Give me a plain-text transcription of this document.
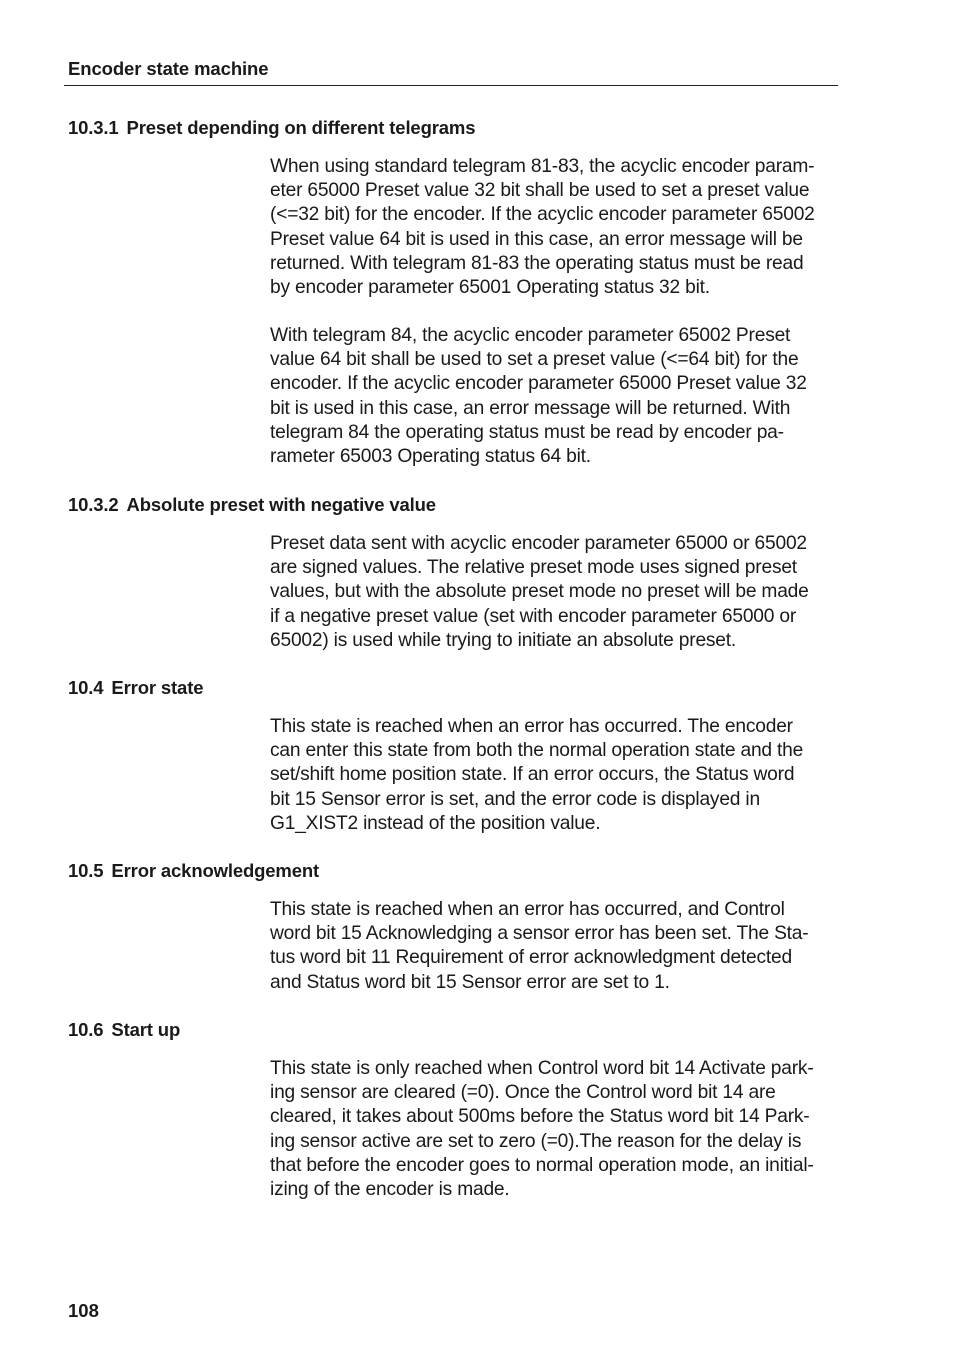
Encoder state machine
10.3.1 Preset depending on different telegrams
When using standard telegram 81-83, the acyclic encoder param-
eter 65000 Preset value 32 bit shall be used to set a preset value
(<=32 bit) for the encoder. If the acyclic encoder parameter 65002
Preset value 64 bit is used in this case, an error message will be
returned. With telegram 81-83 the operating status must be read
by encoder parameter 65001 Operating status 32 bit.
With telegram 84, the acyclic encoder parameter 65002 Preset
value 64 bit shall be used to set a preset value (<=64 bit) for the
encoder. If the acyclic encoder parameter 65000 Preset value 32
bit is used in this case, an error message will be returned. With
telegram 84 the operating status must be read by encoder pa-
rameter 65003 Operating status 64 bit.
10.3.2 Absolute preset with negative value
Preset data sent with acyclic encoder parameter 65000 or 65002
are signed values. The relative preset mode uses signed preset
values, but with the absolute preset mode no preset will be made
if a negative preset value (set with encoder parameter 65000 or
65002) is used while trying to initiate an absolute preset.
10.4 Error state
This state is reached when an error has occurred. The encoder
can enter this state from both the normal operation state and the
set/shift home position state. If an error occurs, the Status word
bit 15 Sensor error is set, and the error code is displayed in
G1_XIST2 instead of the position value.
10.5 Error acknowledgement
This state is reached when an error has occurred, and Control
word bit 15 Acknowledging a sensor error has been set. The Sta-
tus word bit 11 Requirement of error acknowledgment detected
and Status word bit 15 Sensor error are set to 1.
10.6 Start up
This state is only reached when Control word bit 14 Activate park-
ing sensor are cleared (=0). Once the Control word bit 14 are
cleared, it takes about 500ms before the Status word bit 14 Park-
ing sensor active are set to zero (=0).The reason for the delay is
that before the encoder goes to normal operation mode, an initial-
izing of the encoder is made.
108
